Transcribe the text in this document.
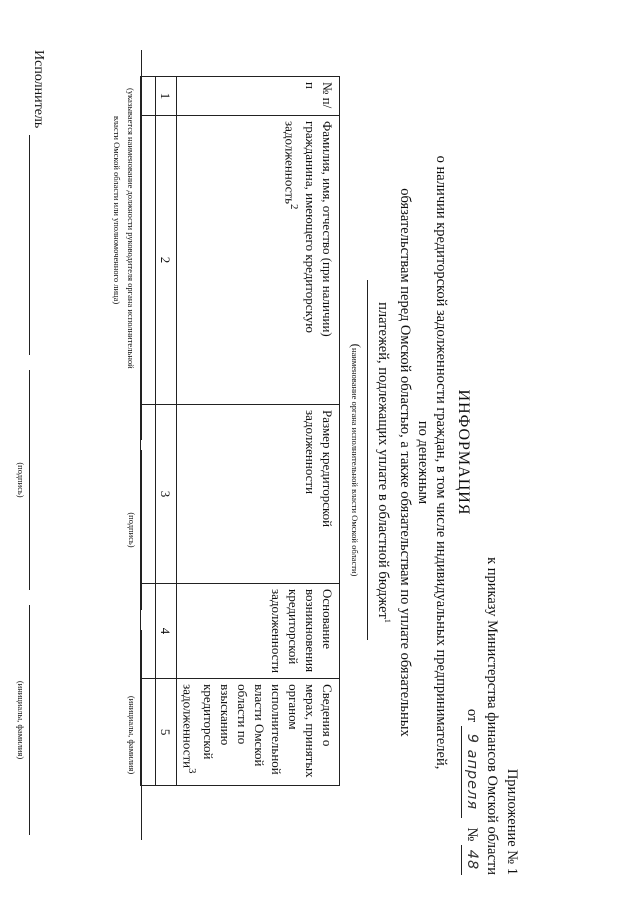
Приложение № 1
к приказу Министерства финансов Омской области
от 9 апреля № 48
ИНФОРМАЦИЯ
о наличии кредиторской задолженности граждан, в том числе индивидуальных предпринимателей, по денежным
обязательствам перед Омской областью, а также обязательствам по уплате обязательных
платежей, подлежащих уплате в областной бюджет$^1$
(наименование органа исполнительной власти Омской области)
№ п/п	Фамилия, имя, отчество (при наличии) гражданина, имеющего кредиторскую задолженность$^2$	Размер кредиторской задолженности	Основание возникновения кредиторской задолженности	Сведения о мерах, принятых органом исполнительной власти Омской области по взысканию кредиторской задолженности$^3$
1	2	3	4	5

(указывается наименование должности руководителя органа исполнительной
власти Омской области или уполномоченного лица)
(подпись)
(инициалы, фамилия)
Исполнитель
(подпись)
(инициалы, фамилия)
